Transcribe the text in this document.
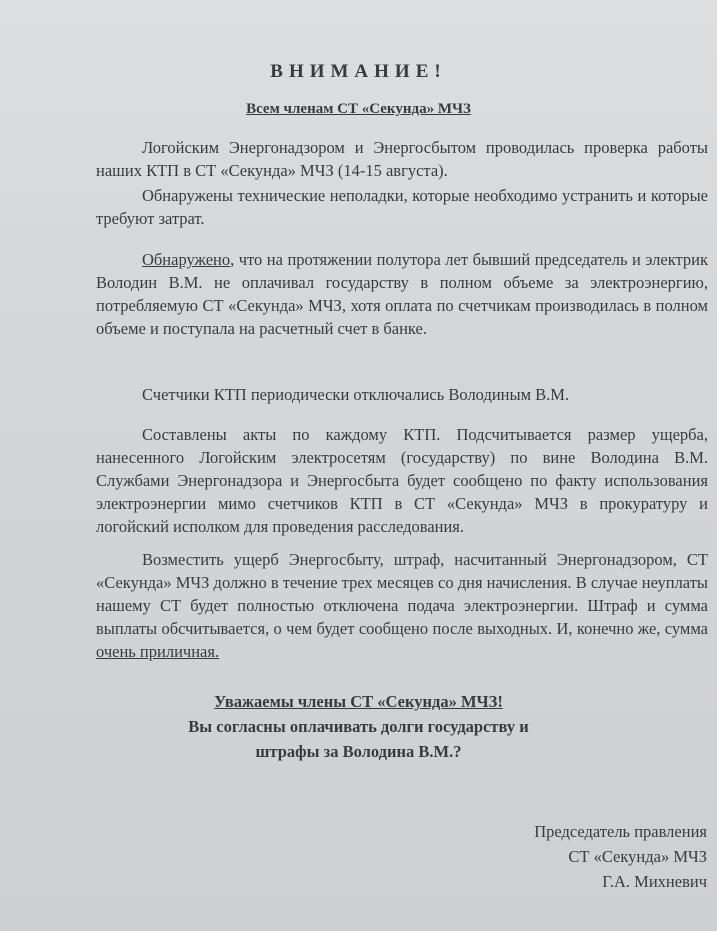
ВНИМАНИЕ!
Всем членам СТ «Секунда» МЧЗ

Логойским Энергонадзором и Энергосбытом проводилась проверка работы наших КТП в СТ «Секунда» МЧЗ (14-15 августа).

Обнаружены технические неполадки, которые необходимо устранить и которые требуют затрат.

Обнаружено, что на протяжении полутора лет бывший председатель и электрик Володин В.М. не оплачивал государству в полном объеме за электроэнергию, потребляемую СТ «Секунда» МЧЗ, хотя оплата по счетчикам производилась в полном объеме и поступала на расчетный счет в банке.

Счетчики КТП периодически отключались Володиным В.М.

Составлены акты по каждому КТП. Подсчитывается размер ущерба, нанесенного Логойским электросетям (государству) по вине Володина В.М. Службами Энергонадзора и Энергосбыта будет сообщено по факту использования электроэнергии мимо счетчиков КТП в СТ «Секунда» МЧЗ в прокуратуру и логойский исполком для проведения расследования.

Возместить ущерб Энергосбыту, штраф, насчитанный Энергонадзором, СТ «Секунда» МЧЗ должно в течение трех месяцев со дня начисления. В случае неуплаты нашему СТ будет полностью отключена подача электроэнергии. Штраф и сумма выплаты обсчитывается, о чем будет сообщено после выходных. И, конечно же, сумма очень приличная.

Уважаемы члены СТ «Секунда» МЧЗ!

Вы согласны оплачивать долги государству и

штрафы за Володина В.М.?

Председатель правления

СТ «Секунда» МЧЗ

Г.А. Михневич
